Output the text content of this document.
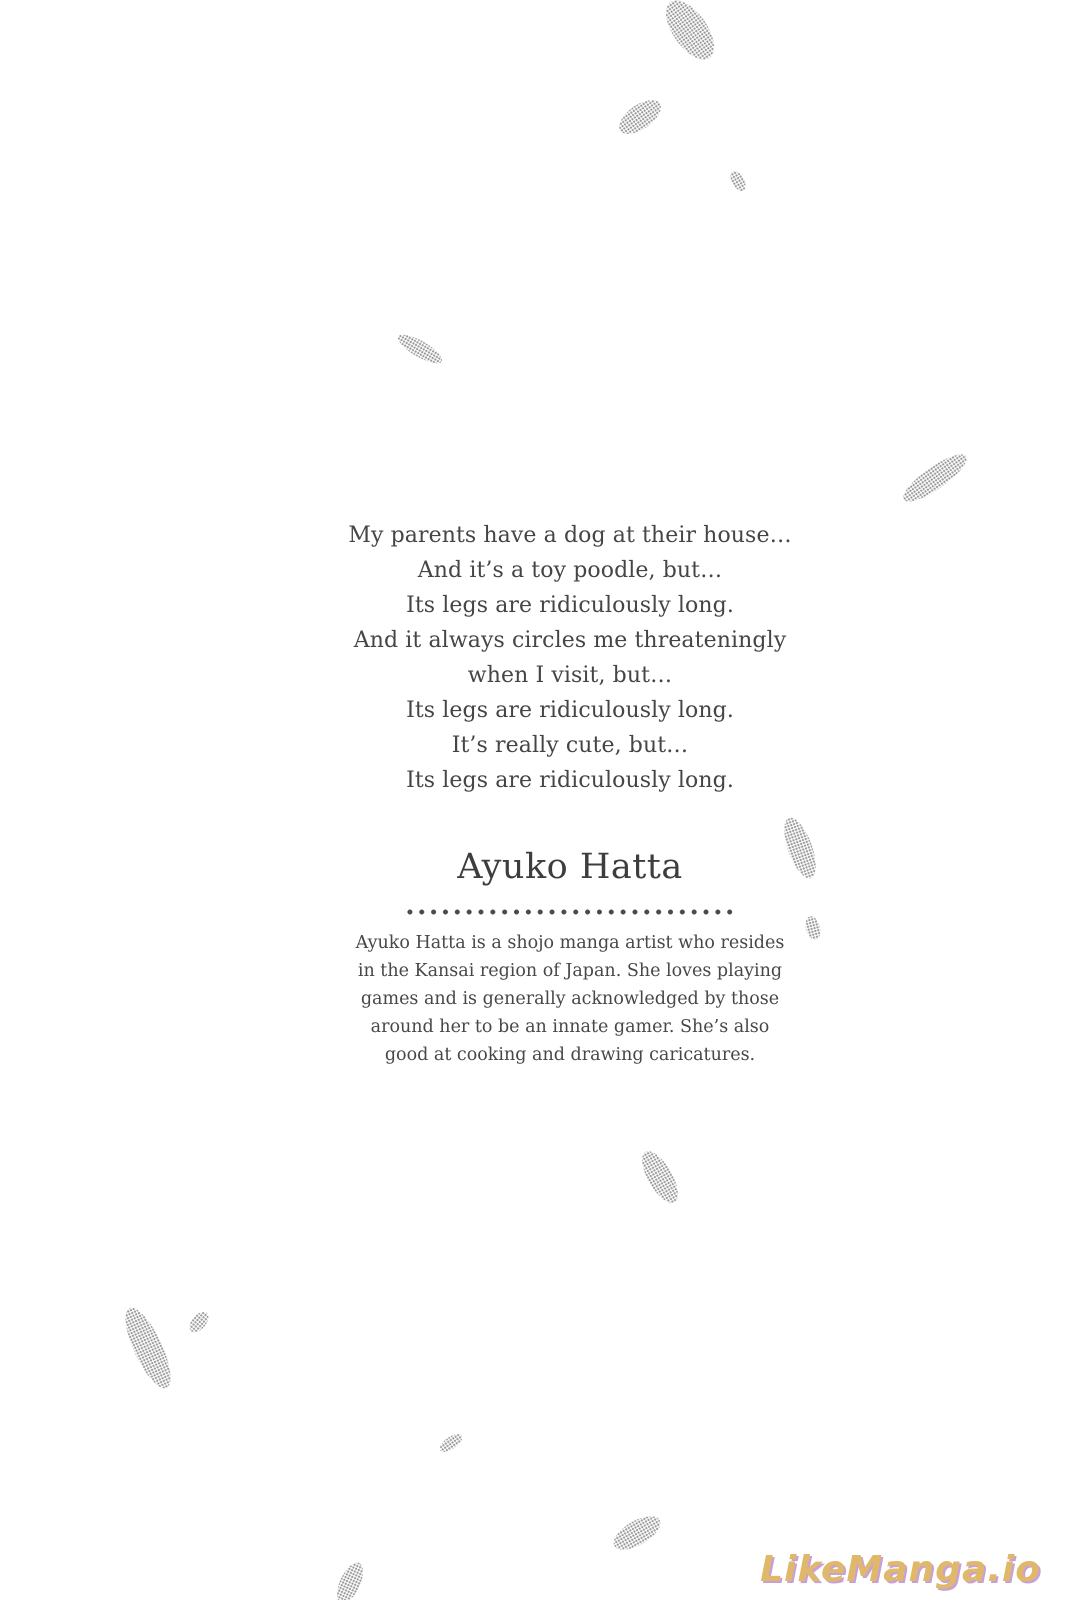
My parents have a dog at their house…
And it’s a toy poodle, but…
Its legs are ridiculously long.
And it always circles me threateningly
when I visit, but…
Its legs are ridiculously long.
It’s really cute, but…
Its legs are ridiculously long.
Ayuko Hatta
Ayuko Hatta is a shojo manga artist who resides
in the Kansai region of Japan. She loves playing
games and is generally acknowledged by those
around her to be an innate gamer. She’s also
good at cooking and drawing caricatures.
LikeManga.io
